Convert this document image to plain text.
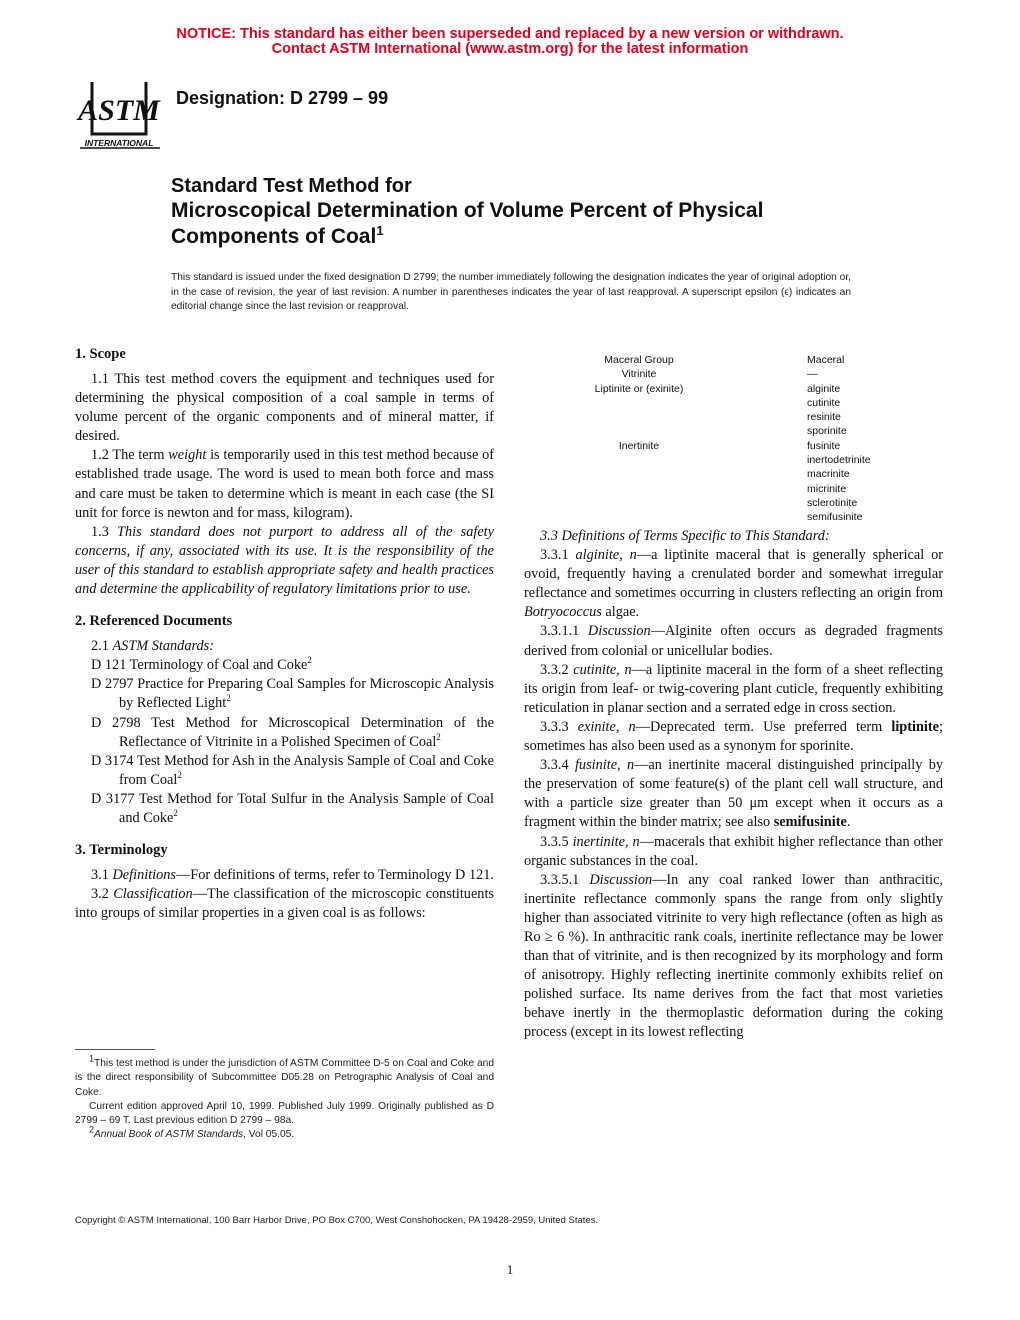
NOTICE: This standard has either been superseded and replaced by a new version or withdrawn.
Contact ASTM International (www.astm.org) for the latest information
ASTM
INTERNATIONAL
Designation: D 2799 – 99
Standard Test Method for
Microscopical Determination of Volume Percent of Physical
Components of Coal$^1$
This standard is issued under the fixed designation D 2799; the number immediately following the designation indicates the year of original adoption or, in the case of revision, the year of last revision. A number in parentheses indicates the year of last reapproval. A superscript epsilon (ϵ) indicates an editorial change since the last revision or reapproval.
1. Scope

1.1 This test method covers the equipment and techniques used for determining the physical composition of a coal sample in terms of volume percent of the organic components and of mineral matter, if desired.

1.2 The term weight is temporarily used in this test method because of established trade usage. The word is used to mean both force and mass and care must be taken to determine which is meant in each case (the SI unit for force is newton and for mass, kilogram).

1.3 This standard does not purport to address all of the safety concerns, if any, associated with its use. It is the responsibility of the user of this standard to establish appropriate safety and health practices and determine the applicability of regulatory limitations prior to use.

2. Referenced Documents

2.1 ASTM Standards:

D 121 Terminology of Coal and Coke$^2$

D 2797 Practice for Preparing Coal Samples for Microscopic Analysis by Reflected Light$^2$

D 2798 Test Method for Microscopical Determination of the Reflectance of Vitrinite in a Polished Specimen of Coal$^2$

D 3174 Test Method for Ash in the Analysis Sample of Coal and Coke from Coal$^2$

D 3177 Test Method for Total Sulfur in the Analysis Sample of Coal and Coke$^2$

3. Terminology

3.1 Definitions—For definitions of terms, refer to Terminology D 121.

3.2 Classification—The classification of the microscopic constituents into groups of similar properties in a given coal is as follows:

Maceral Group	Maceral
Vitrinite	—
Liptinite or (exinite)	alginite
cutinite
resinite
sporinite
Inertinite	fusinite
inertodetrinite
macrinite
micrinite
sclerotinite
semifusinite

3.3 Definitions of Terms Specific to This Standard:

3.3.1 alginite, n—a liptinite maceral that is generally spherical or ovoid, frequently having a crenulated border and somewhat irregular reflectance and sometimes occurring in clusters reflecting an origin from Botryococcus algae.

3.3.1.1 Discussion—Alginite often occurs as degraded fragments derived from colonial or unicellular bodies.

3.3.2 cutinite, n—a liptinite maceral in the form of a sheet reflecting its origin from leaf- or twig-covering plant cuticle, frequently exhibiting reticulation in planar section and a serrated edge in cross section.

3.3.3 exinite, n—Deprecated term. Use preferred term liptinite; sometimes has also been used as a synonym for sporinite.

3.3.4 fusinite, n—an inertinite maceral distinguished principally by the preservation of some feature(s) of the plant cell wall structure, and with a particle size greater than 50 μm except when it occurs as a fragment within the binder matrix; see also semifusinite.

3.3.5 inertinite, n—macerals that exhibit higher reflectance than other organic substances in the coal.

3.3.5.1 Discussion—In any coal ranked lower than anthracitic, inertinite reflectance commonly spans the range from only slightly higher than associated vitrinite to very high reflectance (often as high as Ro ≥ 6 %). In anthracitic rank coals, inertinite reflectance may be lower than that of vitrinite, and is then recognized by its morphology and form of anisotropy. Highly reflecting inertinite commonly exhibits relief on polished surface. Its name derives from the fact that most varieties behave inertly in the thermoplastic deformation during the coking process (except in its lowest reflecting

$^1$This test method is under the jurisdiction of ASTM Committee D-5 on Coal and Coke and is the direct responsibility of Subcommittee D05.28 on Petrographic Analysis of Coal and Coke.

Current edition approved April 10, 1999. Published July 1999. Originally published as D 2799 – 69 T. Last previous edition D 2799 – 98a.

$^2$Annual Book of ASTM Standards, Vol 05.05.

Copyright © ASTM International, 100 Barr Harbor Drive, PO Box C700, West Conshohocken, PA 19428-2959, United States.
1
